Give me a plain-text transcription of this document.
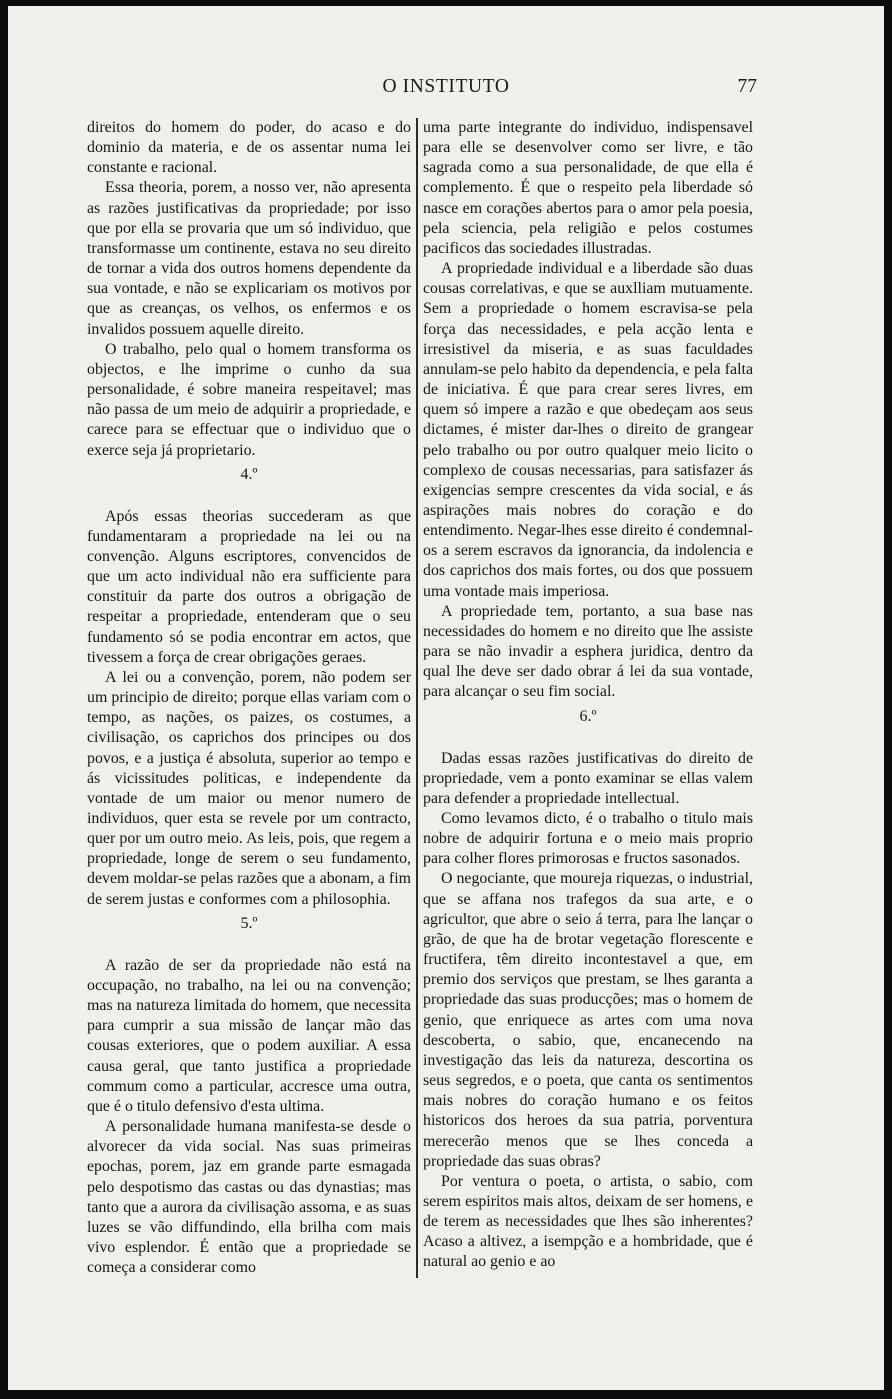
O INSTITUTO	77

direitos do homem do poder, do acaso e do dominio da materia, e de os assentar numa lei constante e racional.

Essa theoria, porem, a nosso ver, não apresenta as razões justificativas da propriedade; por isso que por ella se provaria que um só individuo, que transformasse um continente, estava no seu direito de tornar a vida dos outros homens dependente da sua vontade, e não se explicariam os motivos por que as creanças, os velhos, os enfermos e os invalidos possuem aquelle direito.

O trabalho, pelo qual o homem transforma os objectos, e lhe imprime o cunho da sua personalidade, é sobre maneira respeitavel; mas não passa de um meio de adquirir a propriedade, e carece para se effectuar que o individuo que o exerce seja já proprietario.

4.º

Após essas theorias succederam as que fundamentaram a propriedade na lei ou na convenção. Alguns escriptores, convencidos de que um acto individual não era sufficiente para constituir da parte dos outros a obrigação de respeitar a propriedade, entenderam que o seu fundamento só se podia encontrar em actos, que tivessem a força de crear obrigações geraes.

A lei ou a convenção, porem, não podem ser um principio de direito; porque ellas variam com o tempo, as nações, os paizes, os costumes, a civilisação, os caprichos dos principes ou dos povos, e a justiça é absoluta, superior ao tempo e ás vicissitudes politicas, e independente da vontade de um maior ou menor numero de individuos, quer esta se revele por um contracto, quer por um outro meio. As leis, pois, que regem a propriedade, longe de serem o seu fundamento, devem moldar-se pelas razões que a abonam, a fim de serem justas e conformes com a philosophia.

5.º

A razão de ser da propriedade não está na occupação, no trabalho, na lei ou na convenção; mas na natureza limitada do homem, que necessita para cumprir a sua missão de lançar mão das cousas exteriores, que o podem auxiliar. A essa causa geral, que tanto justifica a propriedade commum como a particular, accresce uma outra, que é o titulo defensivo d'esta ultima.

A personalidade humana manifesta-se desde o alvorecer da vida social. Nas suas primeiras epochas, porem, jaz em grande parte esmagada pelo despotismo das castas ou das dynastias; mas tanto que a aurora da civilisação assoma, e as suas luzes se vão diffundindo, ella brilha com mais vivo esplendor. É então que a propriedade se começa a considerar como

uma parte integrante do individuo, indispensavel para elle se desenvolver como ser livre, e tão sagrada como a sua personalidade, de que ella é complemento. É que o respeito pela liberdade só nasce em corações abertos para o amor pela poesia, pela sciencia, pela religião e pelos costumes pacificos das sociedades illustradas.

A propriedade individual e a liberdade são duas cousas correlativas, e que se auxlliam mutuamente. Sem a propriedade o homem escravisa-se pela força das necessidades, e pela acção lenta e irresistivel da miseria, e as suas faculdades annulam-se pelo habito da dependencia, e pela falta de iniciativa. É que para crear seres livres, em quem só impere a razão e que obedeçam aos seus dictames, é mister dar-lhes o direito de grangear pelo trabalho ou por outro qualquer meio licito o complexo de cousas necessarias, para satisfazer ás exigencias sempre crescentes da vida social, e ás aspirações mais nobres do coração e do entendimento. Negar-lhes esse direito é condemnal-os a serem escravos da ignorancia, da indolencia e dos caprichos dos mais fortes, ou dos que possuem uma vontade mais imperiosa.

A propriedade tem, portanto, a sua base nas necessidades do homem e no direito que lhe assiste para se não invadir a esphera juridica, dentro da qual lhe deve ser dado obrar á lei da sua vontade, para alcançar o seu fim social.

6.º

Dadas essas razões justificativas do direito de propriedade, vem a ponto examinar se ellas valem para defender a propriedade intellectual.

Como levamos dicto, é o trabalho o titulo mais nobre de adquirir fortuna e o meio mais proprio para colher flores primorosas e fructos sasonados.

O negociante, que moureja riquezas, o industrial, que se affana nos trafegos da sua arte, e o agricultor, que abre o seio á terra, para lhe lançar o grão, de que ha de brotar vegetação florescente e fructifera, têm direito incontestavel a que, em premio dos serviços que prestam, se lhes garanta a propriedade das suas producções; mas o homem de genio, que enriquece as artes com uma nova descoberta, o sabio, que, encanecendo na investigação das leis da natureza, descortina os seus segredos, e o poeta, que canta os sentimentos mais nobres do coração humano e os feitos historicos dos heroes da sua patria, porventura merecerão menos que se lhes conceda a propriedade das suas obras?

Por ventura o poeta, o artista, o sabio, com serem espiritos mais altos, deixam de ser homens, e de terem as necessidades que lhes são inherentes? Acaso a altivez, a isempção e a hombridade, que é natural ao genio e ao
